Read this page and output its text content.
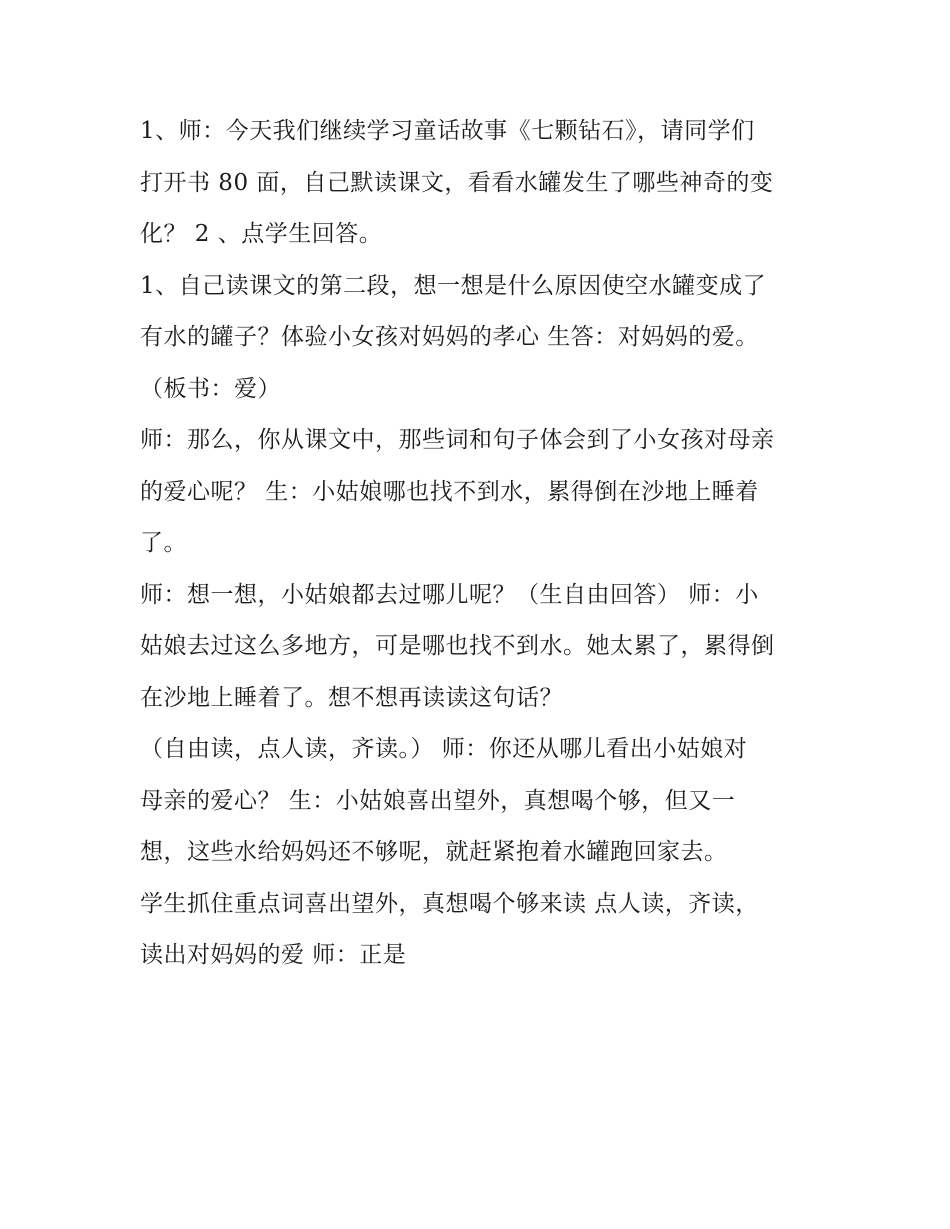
1、师：今天我们继续学习童话故事《七颗钻石》，请同学们
打开书 80 面，自己默读课文，看看水罐发生了哪些神奇的变
化？ 2 、点学生回答。
1、自己读课文的第二段，想一想是什么原因使空水罐变成了
有水的罐子？体验小女孩对妈妈的孝心 生答：对妈妈的爱。
（板书：爱）
师：那么，你从课文中，那些词和句子体会到了小女孩对母亲
的爱心呢？ 生：小姑娘哪也找不到水，累得倒在沙地上睡着
了。
师：想一想，小姑娘都去过哪儿呢？（生自由回答） 师：小
姑娘去过这么多地方，可是哪也找不到水。她太累了，累得倒
在沙地上睡着了。想不想再读读这句话？
（自由读，点人读，齐读。） 师：你还从哪儿看出小姑娘对
母亲的爱心？ 生：小姑娘喜出望外，真想喝个够，但又一
想，这些水给妈妈还不够呢，就赶紧抱着水罐跑回家去。
学生抓住重点词喜出望外，真想喝个够来读 点人读，齐读，
读出对妈妈的爱 师：正是
